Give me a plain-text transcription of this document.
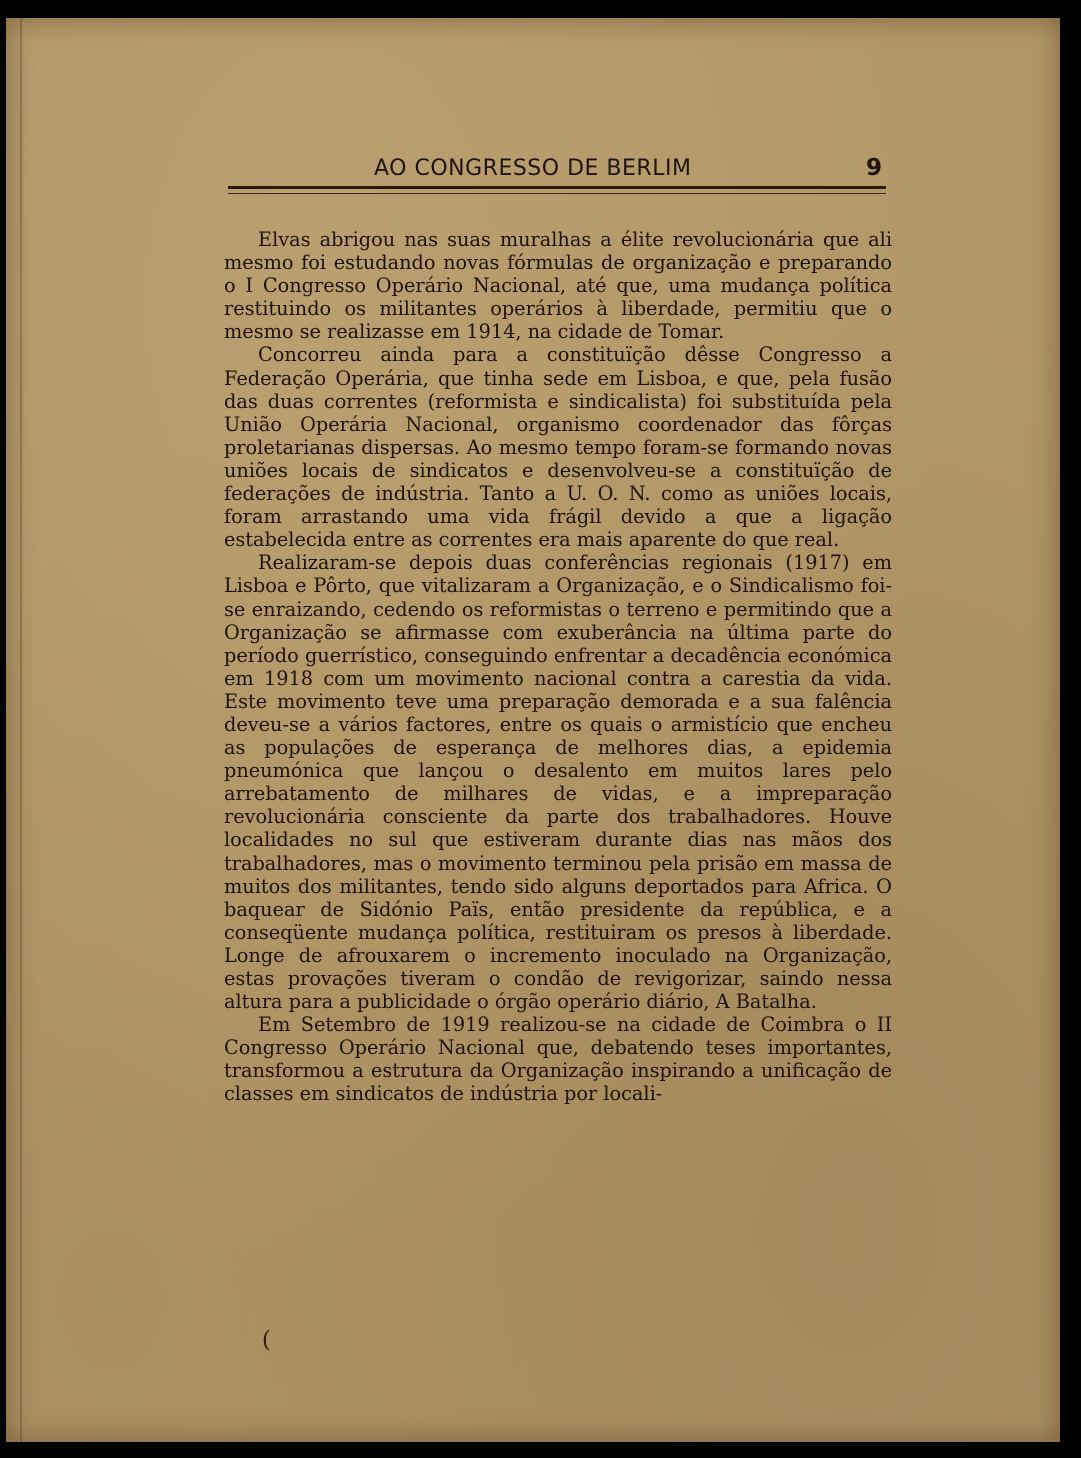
AO CONGRESSO DE BERLIM	9

Elvas abrigou nas suas muralhas a élite revolucionária que ali mesmo foi estudando novas fórmulas de organização e preparando o I Congresso Operário Nacional, até que, uma mudança política restituindo os militantes operários à liberdade, permitiu que o mesmo se realizasse em 1914, na cidade de Tomar.

Concorreu ainda para a constituïção dêsse Congresso a Federação Operária, que tinha sede em Lisboa, e que, pela fusão das duas correntes (reformista e sindicalista) foi substituída pela União Operária Nacional, organismo coordenador das fôrças proletarianas dispersas. Ao mesmo tempo foram-se formando novas uniões locais de sindicatos e desenvolveu-se a constituïção de federações de indústria. Tanto a U. O. N. como as uniões locais, foram arrastando uma vida frágil devido a que a ligação estabelecida entre as correntes era mais aparente do que real.

Realizaram-se depois duas conferências regionais (1917) em Lisboa e Pôrto, que vitalizaram a Organização, e o Sindicalismo foi-se enraizando, cedendo os reformistas o terreno e permitindo que a Organização se afirmasse com exuberância na última parte do período guerrístico, conseguindo enfrentar a decadência económica em 1918 com um movimento nacional contra a carestia da vida. Este movimento teve uma preparação demorada e a sua falência deveu-se a vários factores, entre os quais o armistício que encheu as populações de esperança de melhores dias, a epidemia pneumónica que lançou o desalento em muitos lares pelo arrebatamento de milhares de vidas, e a impreparação revolucionária consciente da parte dos trabalhadores. Houve localidades no sul que estiveram durante dias nas mãos dos trabalhadores, mas o movimento terminou pela prisão em massa de muitos dos militantes, tendo sido alguns deportados para Africa. O baquear de Sidónio Païs, então presidente da república, e a conseqüente mudança política, restituiram os presos à liberdade. Longe de afrouxarem o incremento inoculado na Organização, estas provações tiveram o condão de revigorizar, saindo nessa altura para a publicidade o órgão operário diário, A Batalha.

Em Setembro de 1919 realizou-se na cidade de Coimbra o II Congresso Operário Nacional que, debatendo teses importantes, transformou a estrutura da Organização inspirando a unificação de classes em sindicatos de indústria por locali-

(
